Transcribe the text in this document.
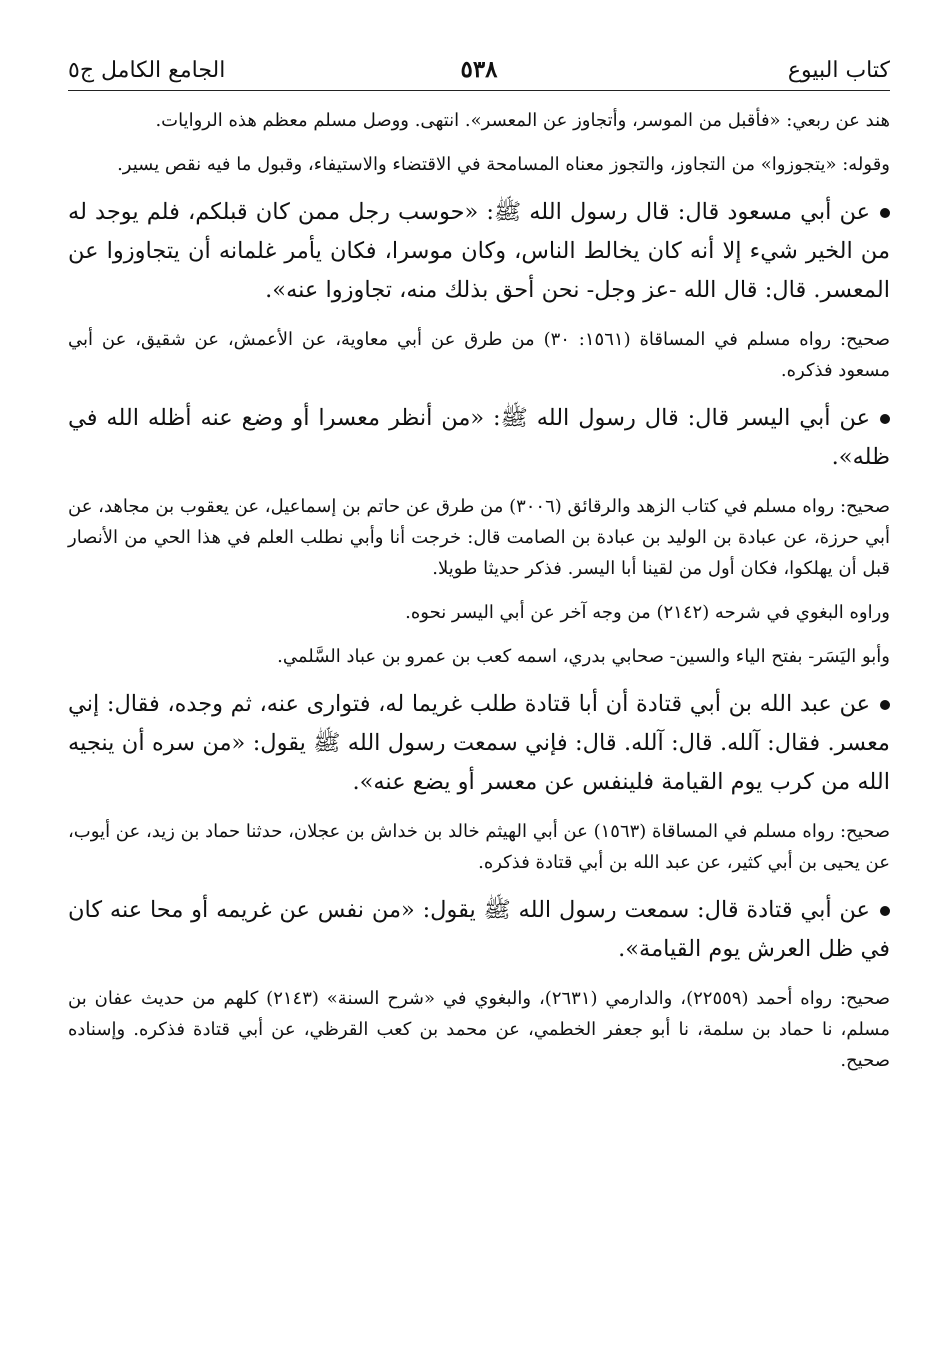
كتاب البيوع
٥٣٨
الجامع الكامل ج٥

هند عن ربعي: «فأقبل من الموسر، وأتجاوز عن المعسر». انتهى. ووصل مسلم معظم هذه الروايات.

وقوله: «يتجوزوا» من التجاوز، والتجوز معناه المسامحة في الاقتضاء والاستيفاء، وقبول ما فيه نقص يسير.

عن أبي مسعود قال: قال رسول الله ﷺ: «حوسب رجل ممن كان قبلكم، فلم يوجد له من الخير شيء إلا أنه كان يخالط الناس، وكان موسرا، فكان يأمر غلمانه أن يتجاوزوا عن المعسر. قال: قال الله -عز وجل- نحن أحق بذلك منه، تجاوزوا عنه».

صحيح: رواه مسلم في المساقاة (١٥٦١: ٣٠) من طرق عن أبي معاوية، عن الأعمش، عن شقيق، عن أبي مسعود فذكره.

عن أبي اليسر قال: قال رسول الله ﷺ: «من أنظر معسرا أو وضع عنه أظله الله في ظله».

صحيح: رواه مسلم في كتاب الزهد والرقائق (٣٠٠٦) من طرق عن حاتم بن إسماعيل، عن يعقوب بن مجاهد، عن أبي حرزة، عن عبادة بن الوليد بن عبادة بن الصامت قال: خرجت أنا وأبي نطلب العلم في هذا الحي من الأنصار قبل أن يهلكوا، فكان أول من لقينا أبا اليسر. فذكر حديثا طويلا.

وراوه البغوي في شرحه (٢١٤٢) من وجه آخر عن أبي اليسر نحوه.

وأبو اليَسَر- بفتح الياء والسين- صحابي بدري، اسمه كعب بن عمرو بن عباد السَّلمي.

عن عبد الله بن أبي قتادة أن أبا قتادة طلب غريما له، فتوارى عنه، ثم وجده، فقال: إني معسر. فقال: آلله. قال: آلله. قال: فإني سمعت رسول الله ﷺ يقول: «من سره أن ينجيه الله من كرب يوم القيامة فلينفس عن معسر أو يضع عنه».

صحيح: رواه مسلم في المساقاة (١٥٦٣) عن أبي الهيثم خالد بن خداش بن عجلان، حدثنا حماد بن زيد، عن أيوب، عن يحيى بن أبي كثير، عن عبد الله بن أبي قتادة فذكره.

عن أبي قتادة قال: سمعت رسول الله ﷺ يقول: «من نفس عن غريمه أو محا عنه كان في ظل العرش يوم القيامة».

صحيح: رواه أحمد (٢٢٥٥٩)، والدارمي (٢٦٣١)، والبغوي في «شرح السنة» (٢١٤٣) كلهم من حديث عفان بن مسلم، نا حماد بن سلمة، نا أبو جعفر الخطمي، عن محمد بن كعب القرظي، عن أبي قتادة فذكره. وإسناده صحيح.
